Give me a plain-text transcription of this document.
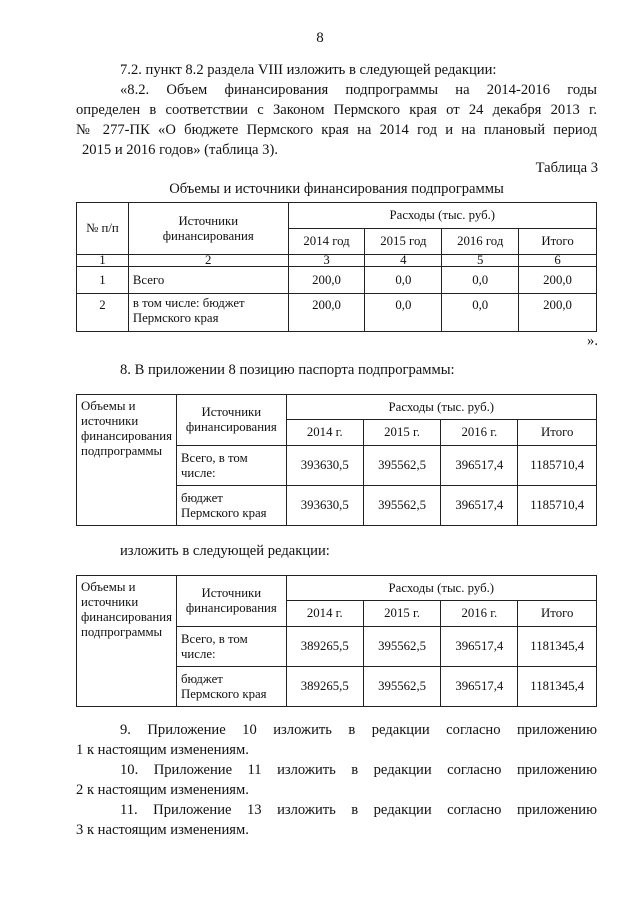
8
7.2. пункт 8.2 раздела VIII изложить в следующей редакции:
«8.2. Объем финансирования подпрограммы на 2014-2016 годы
определен в соответствии с Законом Пермского края от 24 декабря 2013 г.
№ 277-ПК «О бюджете Пермского края на 2014 год и на плановый период
2015 и 2016 годов» (таблица 3).
Таблица 3
Объемы и источники финансирования подпрограммы
№ п/п	Источники финансирования	Расходы (тыс. руб.)			
		2014 год	2015 год	2016 год	Итого
1	2	3	4	5	6
1	Всего	200,0	0,0	0,0	200,0
2	в том числе: бюджет Пермского края	200,0	0,0	0,0	200,0
».
8. В приложении 8 позицию паспорта подпрограммы:
Объемы и источники финансирования подпрограммы	Источники финансирования	Расходы (тыс. руб.)			
		2014 г.	2015 г.	2016 г.	Итого
	Всего, в том числе:	393630,5	395562,5	396517,4	1185710,4
	бюджет Пермского края	393630,5	395562,5	396517,4	1185710,4
изложить в следующей редакции:
Объемы и источники финансирования подпрограммы	Источники финансирования	Расходы (тыс. руб.)			
		2014 г.	2015 г.	2016 г.	Итого
	Всего, в том числе:	389265,5	395562,5	396517,4	1181345,4
	бюджет Пермского края	389265,5	395562,5	396517,4	1181345,4
9. Приложение 10 изложить в редакции согласно приложению
1 к настоящим изменениям.
10. Приложение 11 изложить в редакции согласно приложению
2 к настоящим изменениям.
11. Приложение 13 изложить в редакции согласно приложению
3 к настоящим изменениям.
